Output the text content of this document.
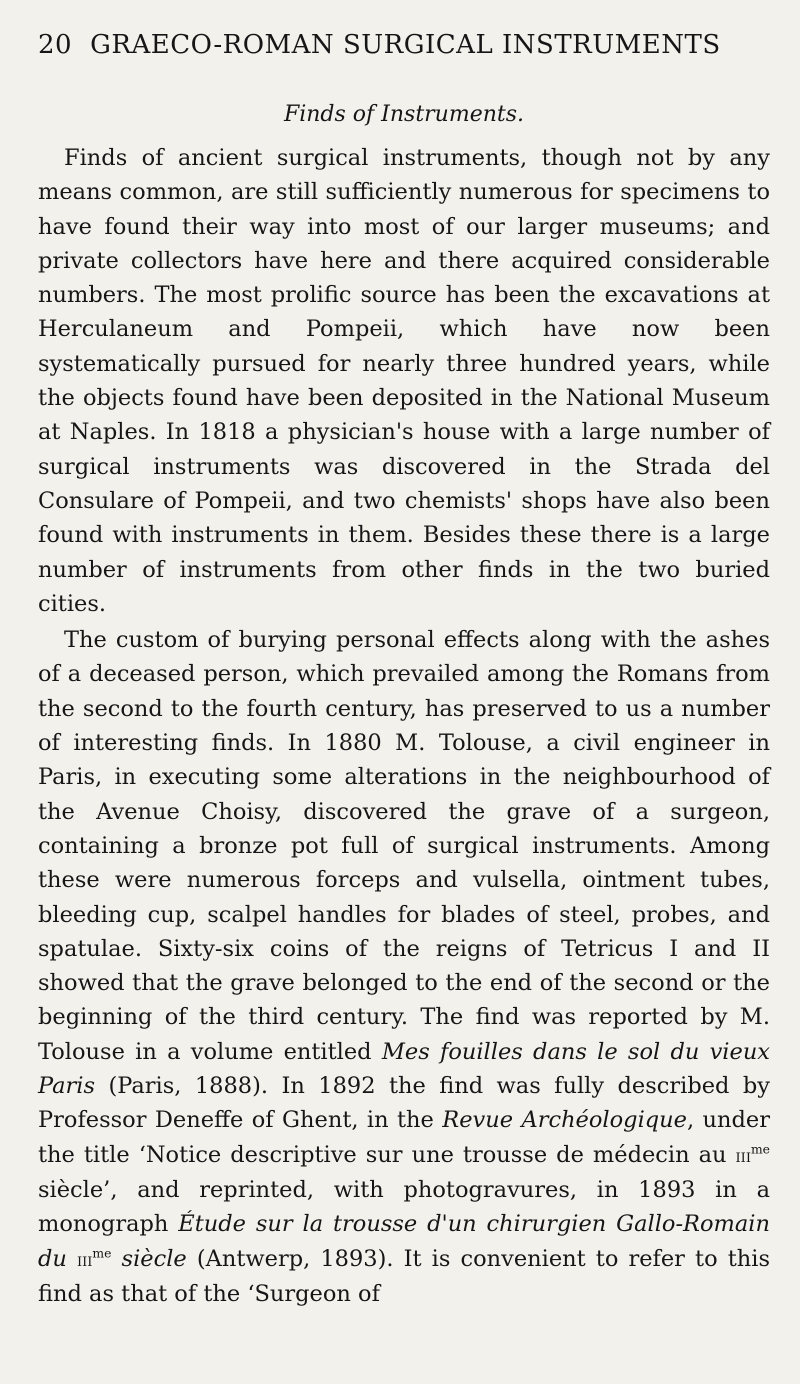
20 GRAECO-ROMAN SURGICAL INSTRUMENTS
Finds of Instruments.

Finds of ancient surgical instruments, though not by any means common, are still sufficiently numerous for specimens to have found their way into most of our larger museums; and private collectors have here and there acquired considerable numbers. The most prolific source has been the excavations at Herculaneum and Pompeii, which have now been systematically pursued for nearly three hundred years, while the objects found have been deposited in the National Museum at Naples. In 1818 a physician's house with a large number of surgical instruments was discovered in the Strada del Consulare of Pompeii, and two chemists' shops have also been found with instruments in them. Besides these there is a large number of instruments from other finds in the two buried cities.

The custom of burying personal effects along with the ashes of a deceased person, which prevailed among the Romans from the second to the fourth century, has preserved to us a number of interesting finds. In 1880 M. Tolouse, a civil engineer in Paris, in executing some alterations in the neighbourhood of the Avenue Choisy, discovered the grave of a surgeon, containing a bronze pot full of surgical instruments. Among these were numerous forceps and vulsella, ointment tubes, bleeding cup, scalpel handles for blades of steel, probes, and spatulae. Sixty-six coins of the reigns of Tetricus I and II showed that the grave belonged to the end of the second or the beginning of the third century. The find was reported by M. Tolouse in a volume entitled Mes fouilles dans le sol du vieux Paris (Paris, 1888). In 1892 the find was fully described by Professor Deneffe of Ghent, in the Revue Archéologique, under the title ‘Notice descriptive sur une trousse de médecin au iii$^{me}$ siècle’, and reprinted, with photogravures, in 1893 in a monograph Étude sur la trousse d'un chirurgien Gallo-Romain du iii$^{me}$ siècle (Antwerp, 1893). It is convenient to refer to this find as that of the ‘Surgeon of
